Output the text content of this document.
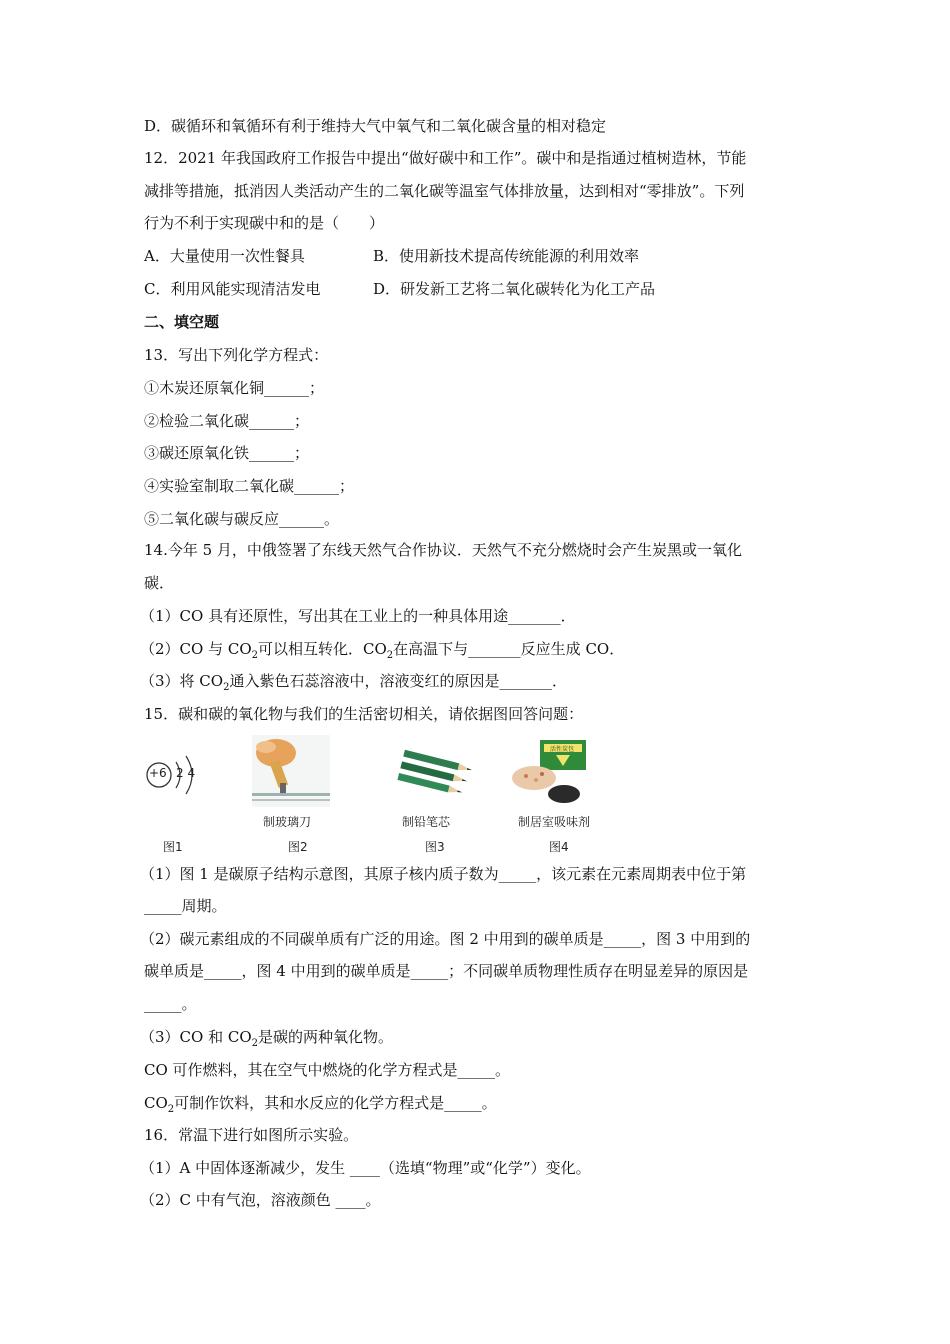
D．碳循环和氧循环有利于维持大气中氧气和二氧化碳含量的相对稳定
12．2021 年我国政府工作报告中提出“做好碳中和工作”。碳中和是指通过植树造林，节能
减排等措施，抵消因人类活动产生的二氧化碳等温室气体排放量，达到相对“零排放”。下列
行为不利于实现碳中和的是（　　）
A．大量使用一次性餐具	B．使用新技术提高传统能源的利用效率
C．利用风能实现清洁发电	D．研发新工艺将二氧化碳转化为化工产品
二、填空题
13．写出下列化学方程式：
①木炭还原氧化铜______；
②检验二氧化碳______；
③碳还原氧化铁______；
④实验室制取二氧化碳______；
⑤二氧化碳与碳反应______。
14.今年 5 月，中俄签署了东线天然气合作协议．天然气不充分燃烧时会产生炭黑或一氧化
碳．
（1）CO 具有还原性，写出其在工业上的一种具体用途_______．
（2）CO 与 $CO_2$可以相互转化．$CO_2$在高温下与_______反应生成 CO．
（3）将 $CO_2$通入紫色石蕊溶液中，溶液变红的原因是_______．
15．碳和碳的氧化物与我们的生活密切相关，请依据图回答问题：
+6 2 4
制玻璃刀	制铅笔芯
活性炭包
制居室吸味剂
图1	图2	图3	图4
（1）图 1 是碳原子结构示意图，其原子核内质子数为_____，该元素在元素周期表中位于第
_____周期。
（2）碳元素组成的不同碳单质有广泛的用途。图 2 中用到的碳单质是_____，图 3 中用到的
碳单质是_____，图 4 中用到的碳单质是_____；不同碳单质物理性质存在明显差异的原因是
_____。
（3）CO 和 $CO_2$是碳的两种氧化物。
CO 可作燃料，其在空气中燃烧的化学方程式是_____。
$CO_2$可制作饮料，其和水反应的化学方程式是_____。
16．常温下进行如图所示实验。
（1）A 中固体逐渐减少，发生 ____（选填“物理”或“化学”）变化。
（2）C 中有气泡，溶液颜色 ____。
